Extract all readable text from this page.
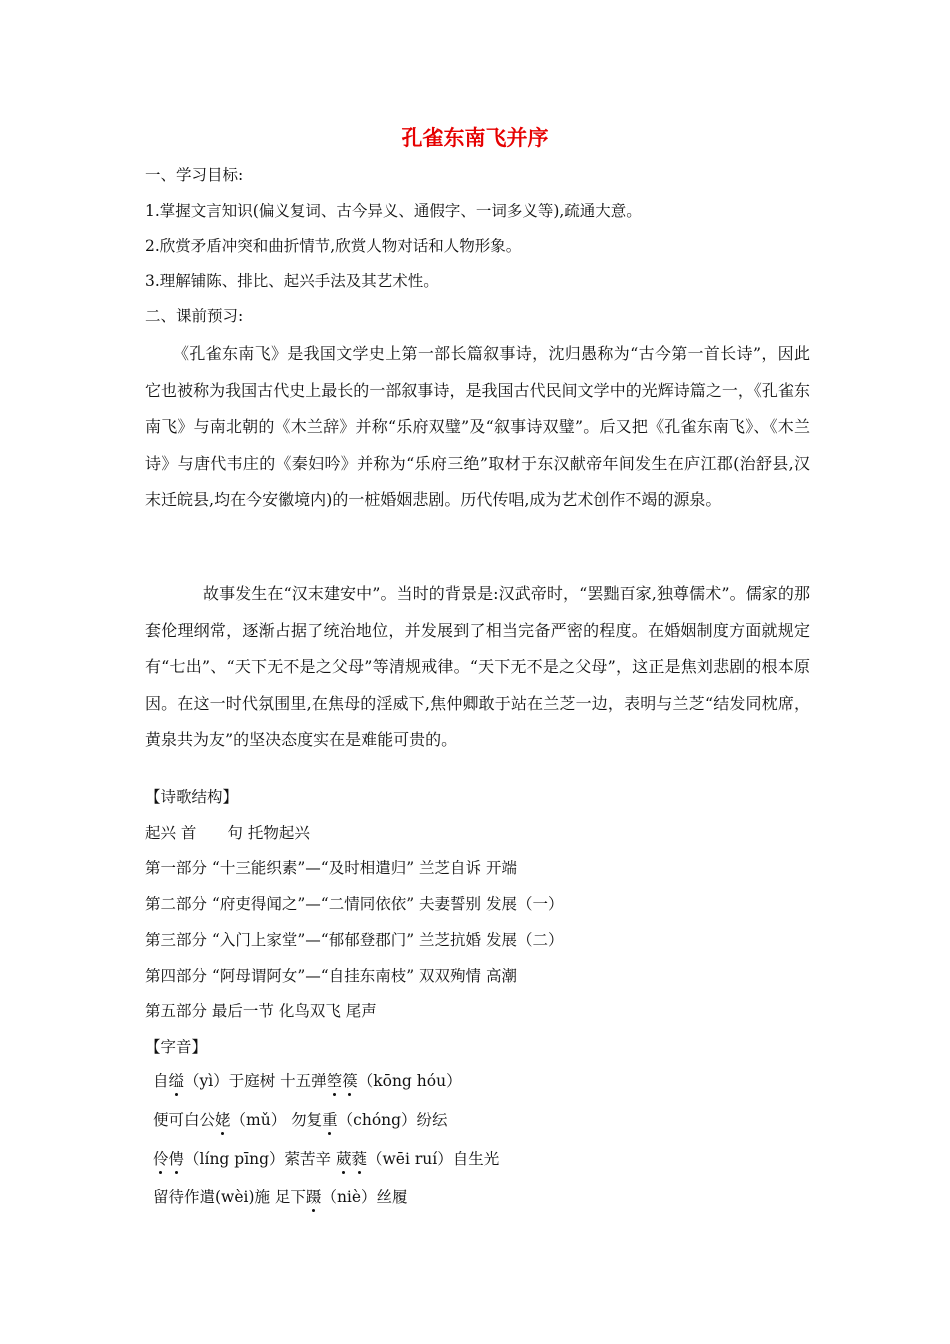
孔雀东南飞并序
一、学习目标:
1.掌握文言知识(偏义复词、古今异义、通假字、一词多义等),疏通大意。
2.欣赏矛盾冲突和曲折情节,欣赏人物对话和人物形象。
3.理解铺陈、排比、起兴手法及其艺术性。
二、课前预习:
《孔雀东南飞》是我国文学史上第一部长篇叙事诗，沈归愚称为“古今第一首长诗”，因此它也被称为我国古代史上最长的一部叙事诗，是我国古代民间文学中的光辉诗篇之一，《孔雀东南飞》与南北朝的《木兰辞》并称“乐府双璧”及“叙事诗双璧”。后又把《孔雀东南飞》、《木兰诗》与唐代韦庄的《秦妇吟》并称为“乐府三绝”取材于东汉献帝年间发生在庐江郡(治舒县,汉末迁皖县,均在今安徽境内)的一桩婚姻悲剧。历代传唱,成为艺术创作不竭的源泉。
故事发生在“汉末建安中”。当时的背景是:汉武帝时，“罢黜百家,独尊儒术”。儒家的那套伦理纲常，逐渐占据了统治地位，并发展到了相当完备严密的程度。在婚姻制度方面就规定有“七出”、“天下无不是之父母”等清规戒律。“天下无不是之父母”，这正是焦刘悲剧的根本原因。在这一时代氛围里,在焦母的淫威下,焦仲卿敢于站在兰芝一边，表明与兰芝“结发同枕席，黄泉共为友”的坚决态度实在是难能可贵的。
【诗歌结构】
起兴 首　　句 托物起兴
第一部分 “十三能织素”—“及时相遣归” 兰芝自诉 开端
第二部分 “府吏得闻之”—“二情同依依” 夫妻誓别 发展（一）
第三部分 “入门上家堂”—“郁郁登郡门” 兰芝抗婚 发展（二）
第四部分 “阿母谓阿女”—“自挂东南枝” 双双殉情 高潮
第五部分 最后一节 化鸟双飞 尾声
【字音】
自缢（yì）于庭树 十五弹箜篌（kōng hóu）
便可白公姥（mǔ） 勿复重（chóng）纷纭
伶俜（líng pīng）萦苦辛 葳蕤（wēi ruí）自生光
留待作遣(wèi)施 足下蹑（niè）丝履
